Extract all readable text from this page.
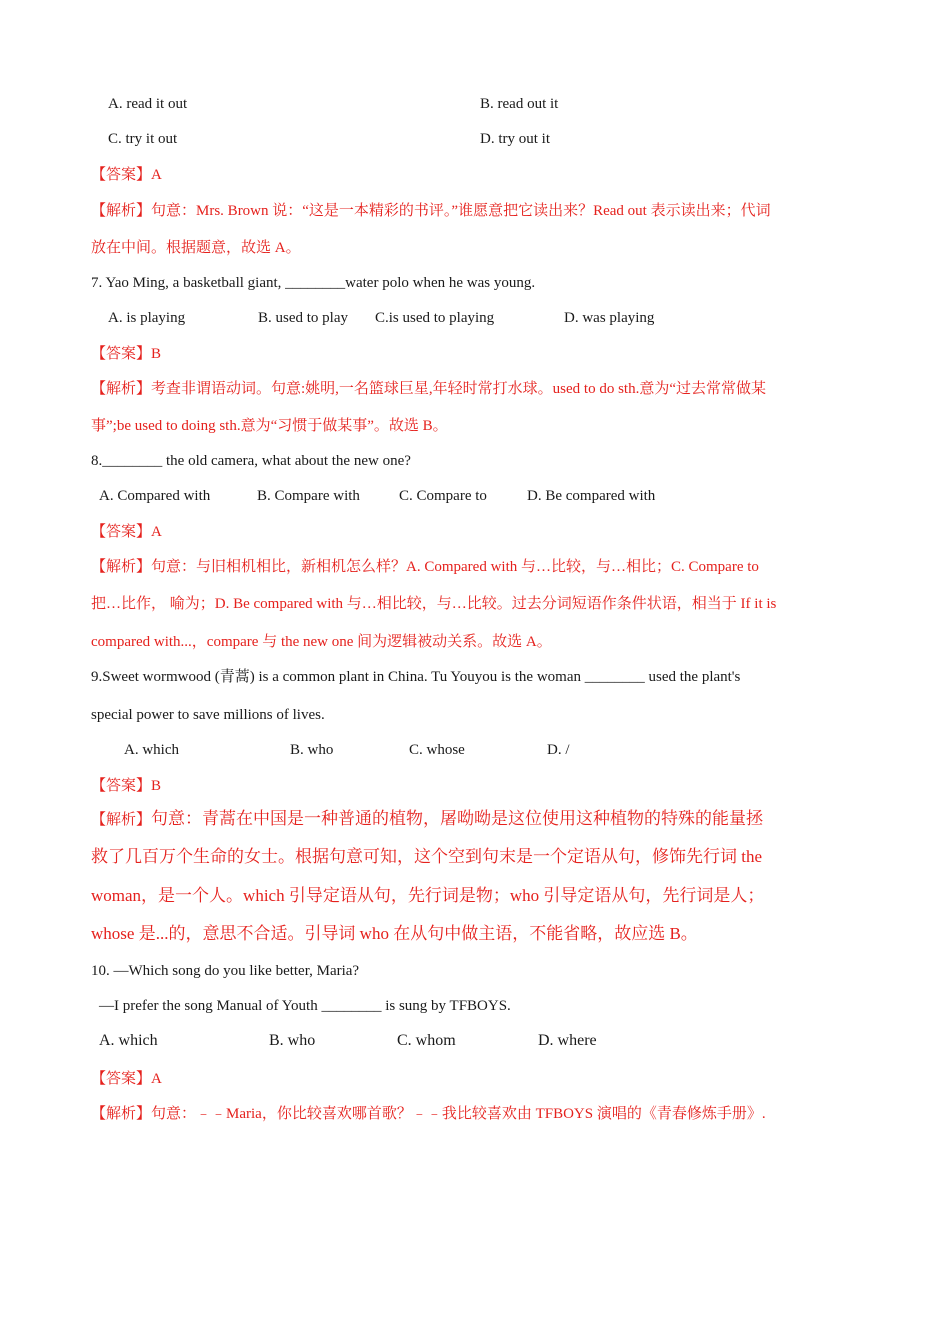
A. read it out	B. read out it
C. try it out	D. try out it
【答案】A
【解析】句意：Mrs. Brown 说：“这是一本精彩的书评。”谁愿意把它读出来？Read out 表示读出来；代词
放在中间。根据题意，故选 A。
7. Yao Ming, a basketball giant, ________water polo when he was young.
A. is playing	B. used to play C.is used to playing	D. was playing
【答案】B
【解析】考查非谓语动词。句意:姚明,一名篮球巨星,年轻时常打水球。used to do sth.意为“过去常常做某
事”;be used to doing sth.意为“习惯于做某事”。故选 B。
8.________ the old camera, what about the new one?
A. Compared with	B. Compare with	C. Compare to	D. Be compared with
【答案】A
【解析】句意：与旧相机相比，新相机怎么样？A. Compared with 与…比较，与…相比；C. Compare to
把…比作， 喻为；D. Be compared with 与…相比较，与…比较。过去分词短语作条件状语，相当于 If it is
compared with...，compare 与 the new one 间为逻辑被动关系。故选 A。
9.Sweet wormwood (青蒿) is a common plant in China. Tu Youyou is the woman ________ used the plant's
special power to save millions of lives.
A. which	B. who	C. whose	D. /
【答案】B
【解析】句意：青蒿在中国是一种普通的植物，屠呦呦是这位使用这种植物的特殊的能量拯
救了几百万个生命的女士。根据句意可知，这个空到句末是一个定语从句，修饰先行词 the
woman，是一个人。which 引导定语从句，先行词是物；who 引导定语从句，先行词是人；
whose 是...的，意思不合适。引导词 who 在从句中做主语，不能省略，故应选 B。
10. —Which song do you like better, Maria?
—I prefer the song Manual of Youth ________ is sung by TFBOYS.
A. which	B. who	C. whom	D. where
【答案】A
【解析】句意：﹣﹣Maria，你比较喜欢哪首歌？﹣﹣我比较喜欢由 TFBOYS 演唱的《青春修炼手册》.
